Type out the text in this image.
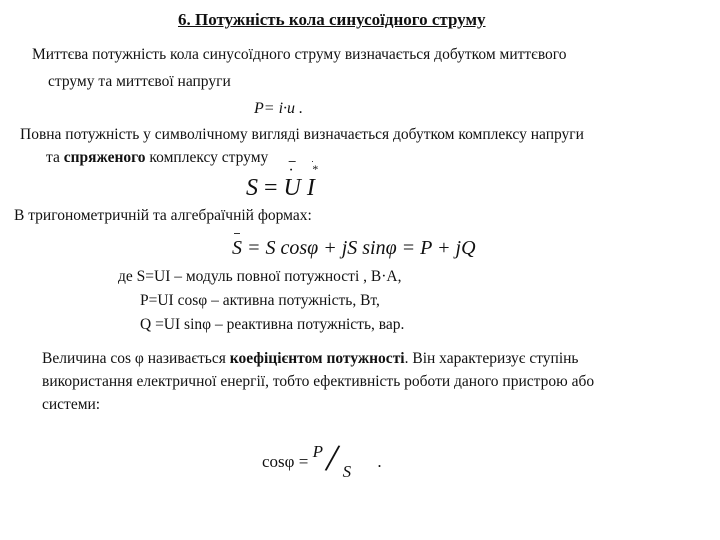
6. Потужність кола синусоїдного струму
Миттєва потужність кола синусоїдного струму визначається добутком миттєвого
струму та миттєвої напруги
P= i·u .
Повна потужність у символічному вигляді визначається добутком комплексу напруги
та спряженого комплексу струму
S = · U * I
В тригонометричній та алгебраїчній формах:
S = S cosφ + jS sinφ = P + jQ
де S=UI – модуль повної потужності , В·А,
P=UI cosφ – активна потужність, Вт,
Q =UI sinφ – реактивна потужність, вар.
Величина cos φ називається коефіцієнтом потужності. Він характеризує ступінь
використання електричної енергії, тобто ефективність роботи даного пристрою або
системи:
cosφ = P / S .
